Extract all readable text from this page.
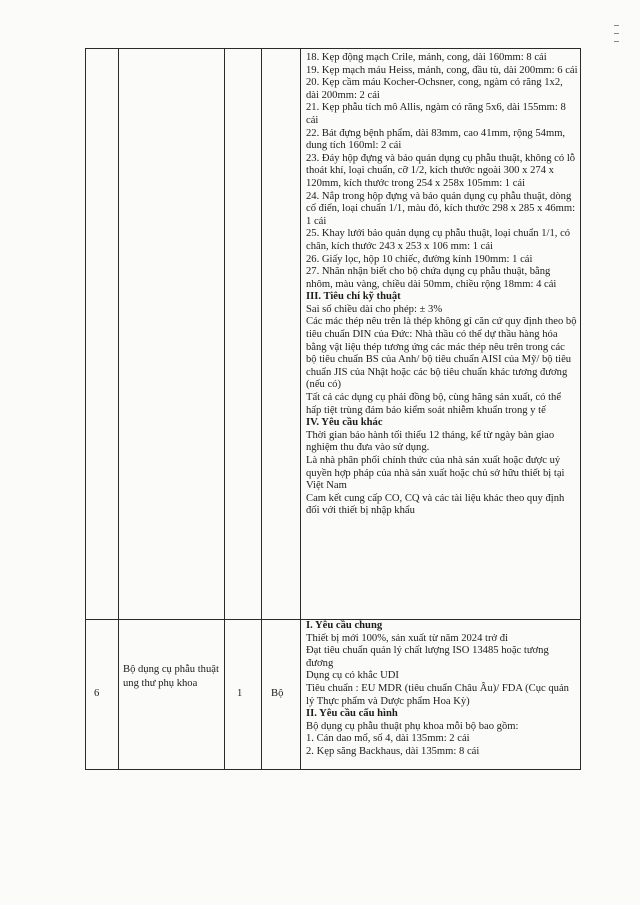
18. Kẹp động mạch Crile, mảnh, cong, dài 160mm: 8 cái

19. Kẹp mạch máu Heiss, mảnh, cong, đầu tù, dài 200mm: 6 cái

20. Kẹp cầm máu Kocher-Ochsner, cong, ngàm có răng 1x2, dài 200mm: 2 cái

21. Kẹp phẫu tích mô Allis, ngàm có răng 5x6, dài 155mm: 8 cái

22. Bát đựng bệnh phẩm, dài 83mm, cao 41mm, rộng 54mm, dung tích 160ml: 2 cái

23. Đáy hộp đựng và bảo quản dụng cụ phẫu thuật, không có lỗ thoát khí, loại chuẩn, cỡ 1/2, kích thước ngoài 300 x 274 x 120mm, kích thước trong 254 x 258x 105mm: 1 cái

24. Nắp trong hộp đựng và bảo quản dụng cụ phẫu thuật, dòng cổ điển, loại chuẩn 1/1, màu đỏ, kích thước 298 x 285 x 46mm: 1 cái

25. Khay lưới bảo quản dụng cụ phẫu thuật, loại chuẩn 1/1, có chân, kích thước 243 x 253 x 106 mm: 1 cái

26. Giấy lọc, hộp 10 chiếc, đường kính 190mm: 1 cái

27. Nhãn nhận biết cho bộ chứa dụng cụ phẫu thuật, bằng nhôm, màu vàng, chiều dài 50mm, chiều rộng 18mm: 4 cái

III. Tiêu chí kỹ thuật

Sai số chiều dài cho phép: ± 3%

Các mác thép nêu trên là thép không gỉ căn cứ quy định theo bộ tiêu chuẩn DIN của Đức: Nhà thầu có thể dự thầu hàng hóa bằng vật liệu thép tương ứng các mác thép nêu trên trong các bộ tiêu chuẩn BS của Anh/ bộ tiêu chuẩn AISI của Mỹ/ bộ tiêu chuẩn JIS của Nhật hoặc các bộ tiêu chuẩn khác tương đương (nếu có)

Tất cả các dụng cụ phải đồng bộ, cùng hãng sản xuất, có thể hấp tiệt trùng đảm bảo kiểm soát nhiễm khuẩn trong y tế

IV. Yêu cầu khác

Thời gian bảo hành tối thiểu 12 tháng, kể từ ngày bàn giao nghiệm thu đưa vào sử dụng.

Là nhà phân phối chính thức của nhà sản xuất hoặc được uỷ quyền hợp pháp của nhà sản xuất hoặc chủ sở hữu thiết bị tại Việt Nam

Cam kết cung cấp CO, CQ và các tài liệu khác theo quy định đối với thiết bị nhập khẩu

6
Bộ dụng cụ phẫu thuật ung thư phụ khoa
1	Bộ

I. Yêu cầu chung

Thiết bị mới 100%, sản xuất từ năm 2024 trở đi

Đạt tiêu chuẩn quản lý chất lượng ISO 13485 hoặc tương đương

Dụng cụ có khắc UDI

Tiêu chuẩn : EU MDR (tiêu chuẩn Châu Âu)/ FDA (Cục quản lý Thực phẩm và Dược phẩm Hoa Kỳ)

II. Yêu cầu cấu hình

Bộ dụng cụ phẫu thuật phụ khoa mỗi bộ bao gồm:

1. Cán dao mổ, số 4, dài 135mm: 2 cái

2. Kẹp săng Backhaus, dài 135mm: 8 cái
